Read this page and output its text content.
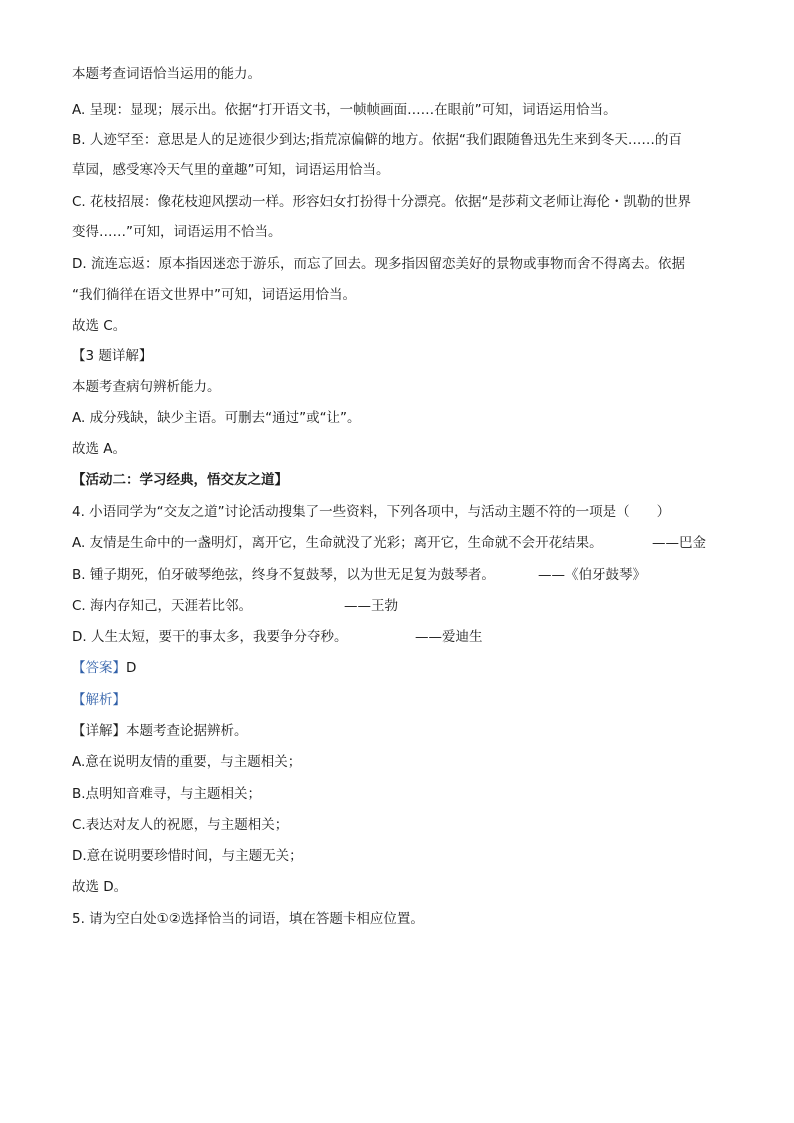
本题考查词语恰当运用的能力。
A. 呈现：显现；展示出。依据“打开语文书，一帧帧画面……在眼前”可知，词语运用恰当。
B. 人迹罕至：意思是人的足迹很少到达;指荒凉偏僻的地方。依据“我们跟随鲁迅先生来到冬天……的百
草园，感受寒冷天气里的童趣”可知，词语运用恰当。
C. 花枝招展：像花枝迎风摆动一样。形容妇女打扮得十分漂亮。依据“是莎莉文老师让海伦・凯勒的世界
变得……”可知，词语运用不恰当。
D. 流连忘返：原本指因迷恋于游乐，而忘了回去。现多指因留恋美好的景物或事物而舍不得离去。依据
“我们徜徉在语文世界中”可知，词语运用恰当。
故选 C。
【3 题详解】
本题考查病句辨析能力。
A. 成分残缺，缺少主语。可删去“通过”或“让”。
故选 A。
【活动二：学习经典，悟交友之道】
4. 小语同学为“交友之道”讨论活动搜集了一些资料，下列各项中，与活动主题不符的一项是（　　）
A. 友情是生命中的一盏明灯，离开它，生命就没了光彩；离开它，生命就不会开花结果。	——巴金
B. 锺子期死，伯牙破琴绝弦，终身不复鼓琴，以为世无足复为鼓琴者。	——《伯牙鼓琴》
C. 海内存知己，天涯若比邻。	——王勃
D. 人生太短，要干的事太多，我要争分夺秒。	——爱迪生
【答案】D
【解析】
【详解】本题考查论据辨析。
A.意在说明友情的重要，与主题相关；
B.点明知音难寻，与主题相关；
C.表达对友人的祝愿，与主题相关；
D.意在说明要珍惜时间，与主题无关；
故选 D。
5. 请为空白处①②选择恰当的词语，填在答题卡相应位置。
